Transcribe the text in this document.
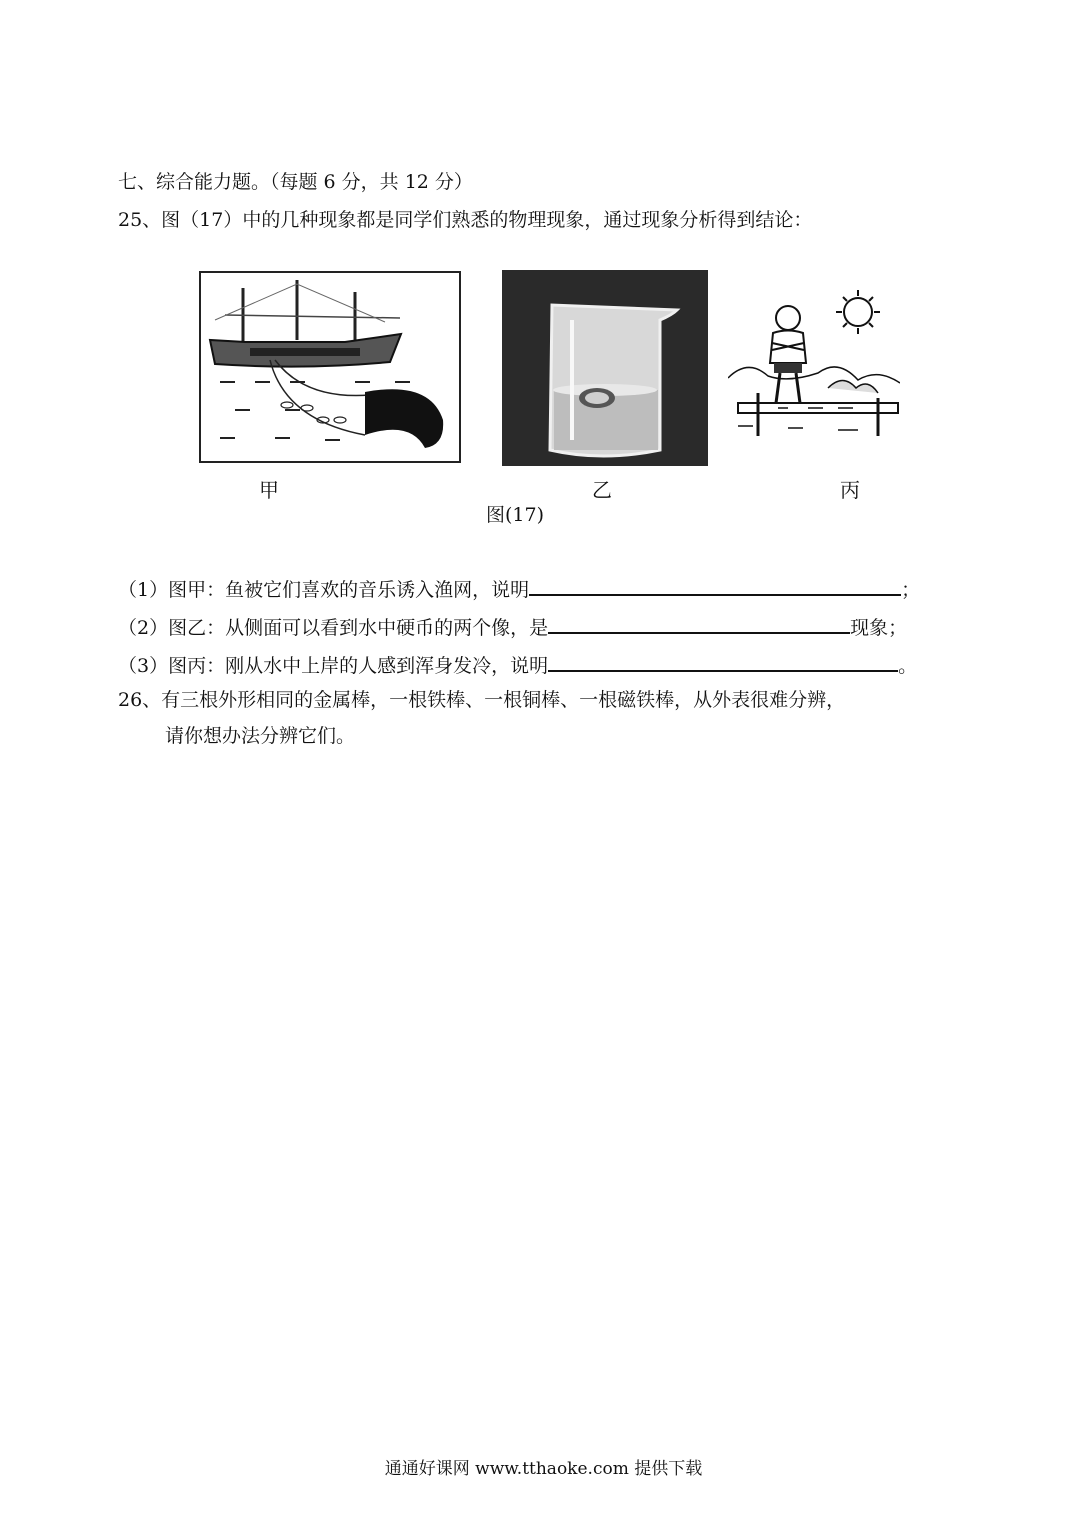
七、综合能力题。（每题 6 分，共 12 分）
25、图（17）中的几种现象都是同学们熟悉的物理现象，通过现象分析得到结论：
甲	乙	丙
图(17)
（1）图甲：鱼被它们喜欢的音乐诱入渔网，说明	；
（2）图乙：从侧面可以看到水中硬币的两个像，是	现象；
（3）图丙：刚从水中上岸的人感到浑身发冷，说明	。
26、有三根外形相同的金属棒，一根铁棒、一根铜棒、一根磁铁棒，从外表很难分辨，
请你想办法分辨它们。
通通好课网 www.tthaoke.com 提供下载
